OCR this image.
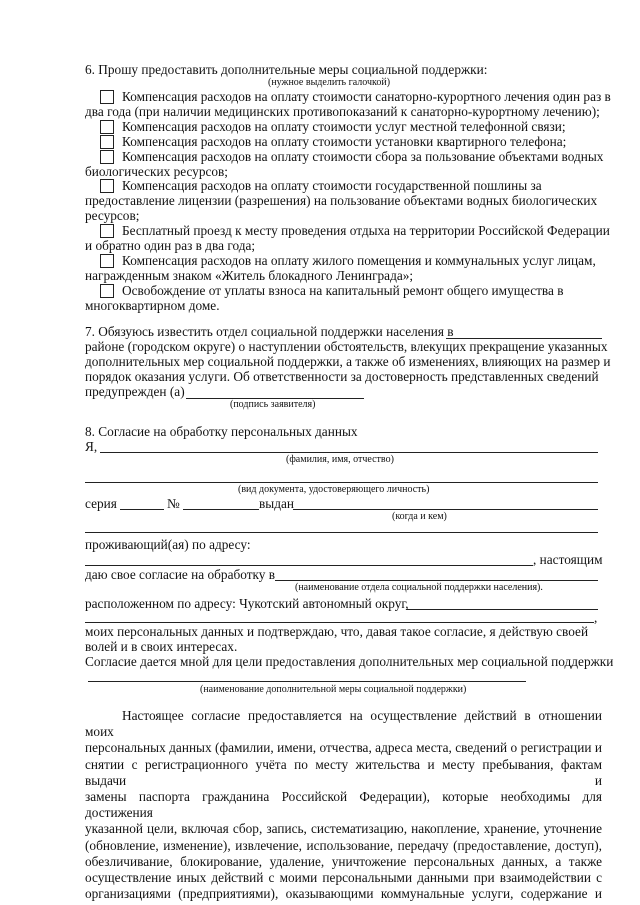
6. Прошу предоставить дополнительные меры социальной поддержки:
(нужное выделить галочкой)
Компенсация расходов на оплату стоимости санаторно-курортного лечения один раз в
два года (при наличии медицинских противопоказаний к санаторно-курортному лечению);
Компенсация расходов на оплату стоимости услуг местной телефонной связи;
Компенсация расходов на оплату стоимости установки квартирного телефона;
Компенсация расходов на оплату стоимости сбора за пользование объектами водных
биологических ресурсов;
Компенсация расходов на оплату стоимости государственной пошлины за
предоставление лицензии (разрешения) на пользование объектами водных биологических
ресурсов;
Бесплатный проезд к месту проведения отдыха на территории Российской Федерации
и обратно один раз в два года;
Компенсация расходов на оплату жилого помещения и коммунальных услуг лицам,
награжденным знаком «Житель блокадного Ленинграда»;
Освобождение от уплаты взноса на капитальный ремонт общего имущества в
многоквартирном доме.
7. Обязуюсь известить отдел социальной поддержки населения в
районе (городском округе) о наступлении обстоятельств, влекущих прекращение указанных
дополнительных мер социальной поддержки, а также об изменениях, влияющих на размер и
порядок оказания услуги. Об ответственности за достоверность представленных сведений
предупрежден (а)
(подпись заявителя)
8. Согласие на обработку персональных данных
Я,
(фамилия, имя, отчество)
(вид документа, удостоверяющего личность)
серия	№	выдан
(когда и кем)
проживающий(ая) по адресу:
, настоящим
даю свое согласие на обработку в
(наименование отдела социальной поддержки населения).
расположенном по адресу: Чукотский автономный округ,
,
моих персональных данных и подтверждаю, что, давая такое согласие, я действую своей
волей и в своих интересах.
Согласие дается мной для цели предоставления дополнительных мер социальной поддержки
(наименование дополнительной меры социальной поддержки)
Настоящее согласие предоставляется на осуществление действий в отношении моих
персональных данных (фамилии, имени, отчества, адреса места, сведений о регистрации и
снятии с регистрационного учёта по месту жительства и месту пребывания, фактам выдачи и
замены паспорта гражданина Российской Федерации), которые необходимы для достижения
указанной цели, включая сбор, запись, систематизацию, накопление, хранение, уточнение
(обновление, изменение), извлечение, использование, передачу (предоставление, доступ),
обезличивание, блокирование, удаление, уничтожение персональных данных, а также
осуществление иных действий с моими персональными данными при взаимодействии с
организациями (предприятиями), оказывающими коммунальные услуги, содержание и
